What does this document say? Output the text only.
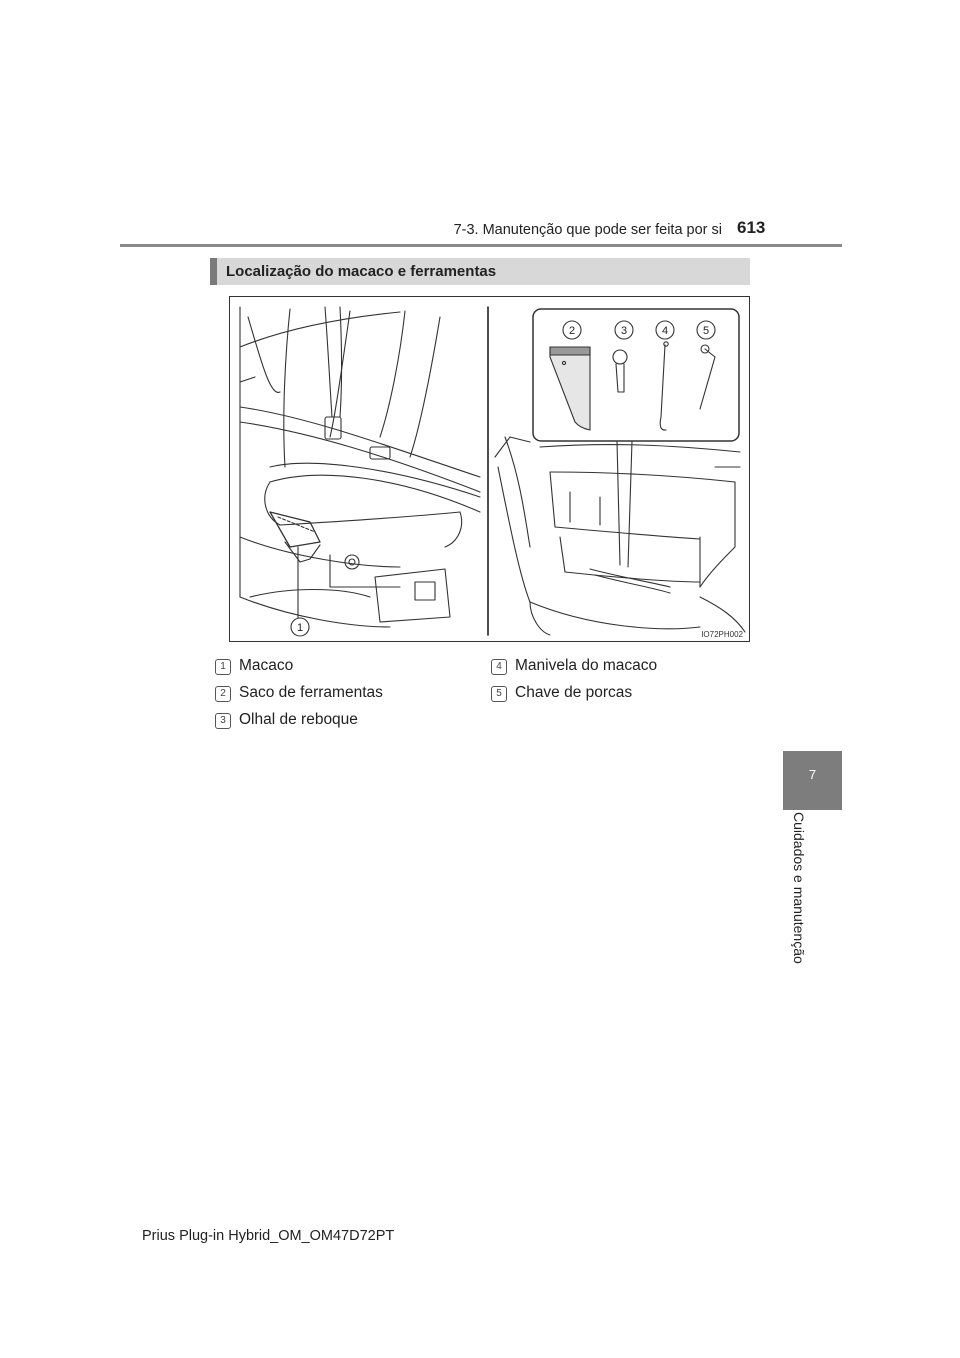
7-3. Manutenção que pode ser feita por si 613
7
Cuidados e manutenção
Localização do macaco e ferramentas
1
2	3	4	5
IO72PH002
1 Macaco
2 Saco de ferramentas
3 Olhal de reboque
4 Manivela do macaco
5 Chave de porcas
Prius Plug-in Hybrid_OM_OM47D72PT
